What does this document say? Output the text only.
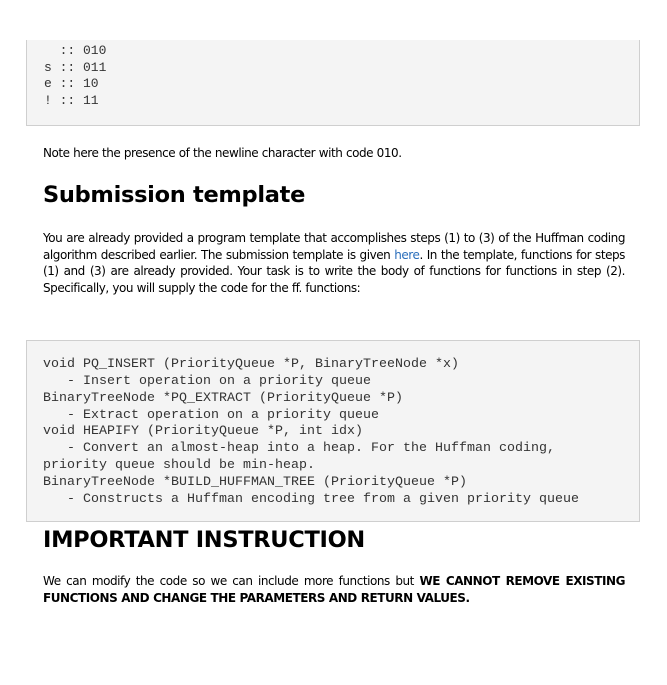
:: 010
s :: 011
e :: 10
! :: 11

Note here the presence of the newline character with code 010.

Submission template

You are already provided a program template that accomplishes steps (1) to (3) of the Huffman coding algorithm described earlier. The submission template is given here. In the template, functions for steps (1) and (3) are already provided. Your task is to write the body of functions for functions in step (2). Specifically, you will supply the code for the ff. functions:

void PQ_INSERT (PriorityQueue *P, BinaryTreeNode *x)
- Insert operation on a priority queue
BinaryTreeNode *PQ_EXTRACT (PriorityQueue *P)
- Extract operation on a priority queue
void HEAPIFY (PriorityQueue *P, int idx)
- Convert an almost-heap into a heap. For the Huffman coding,
priority queue should be min-heap.
BinaryTreeNode *BUILD_HUFFMAN_TREE (PriorityQueue *P)
- Constructs a Huffman encoding tree from a given priority queue
IMPORTANT INSTRUCTION

We can modify the code so we can include more functions but WE CANNOT REMOVE EXISTING FUNCTIONS AND CHANGE THE PARAMETERS AND RETURN VALUES.
